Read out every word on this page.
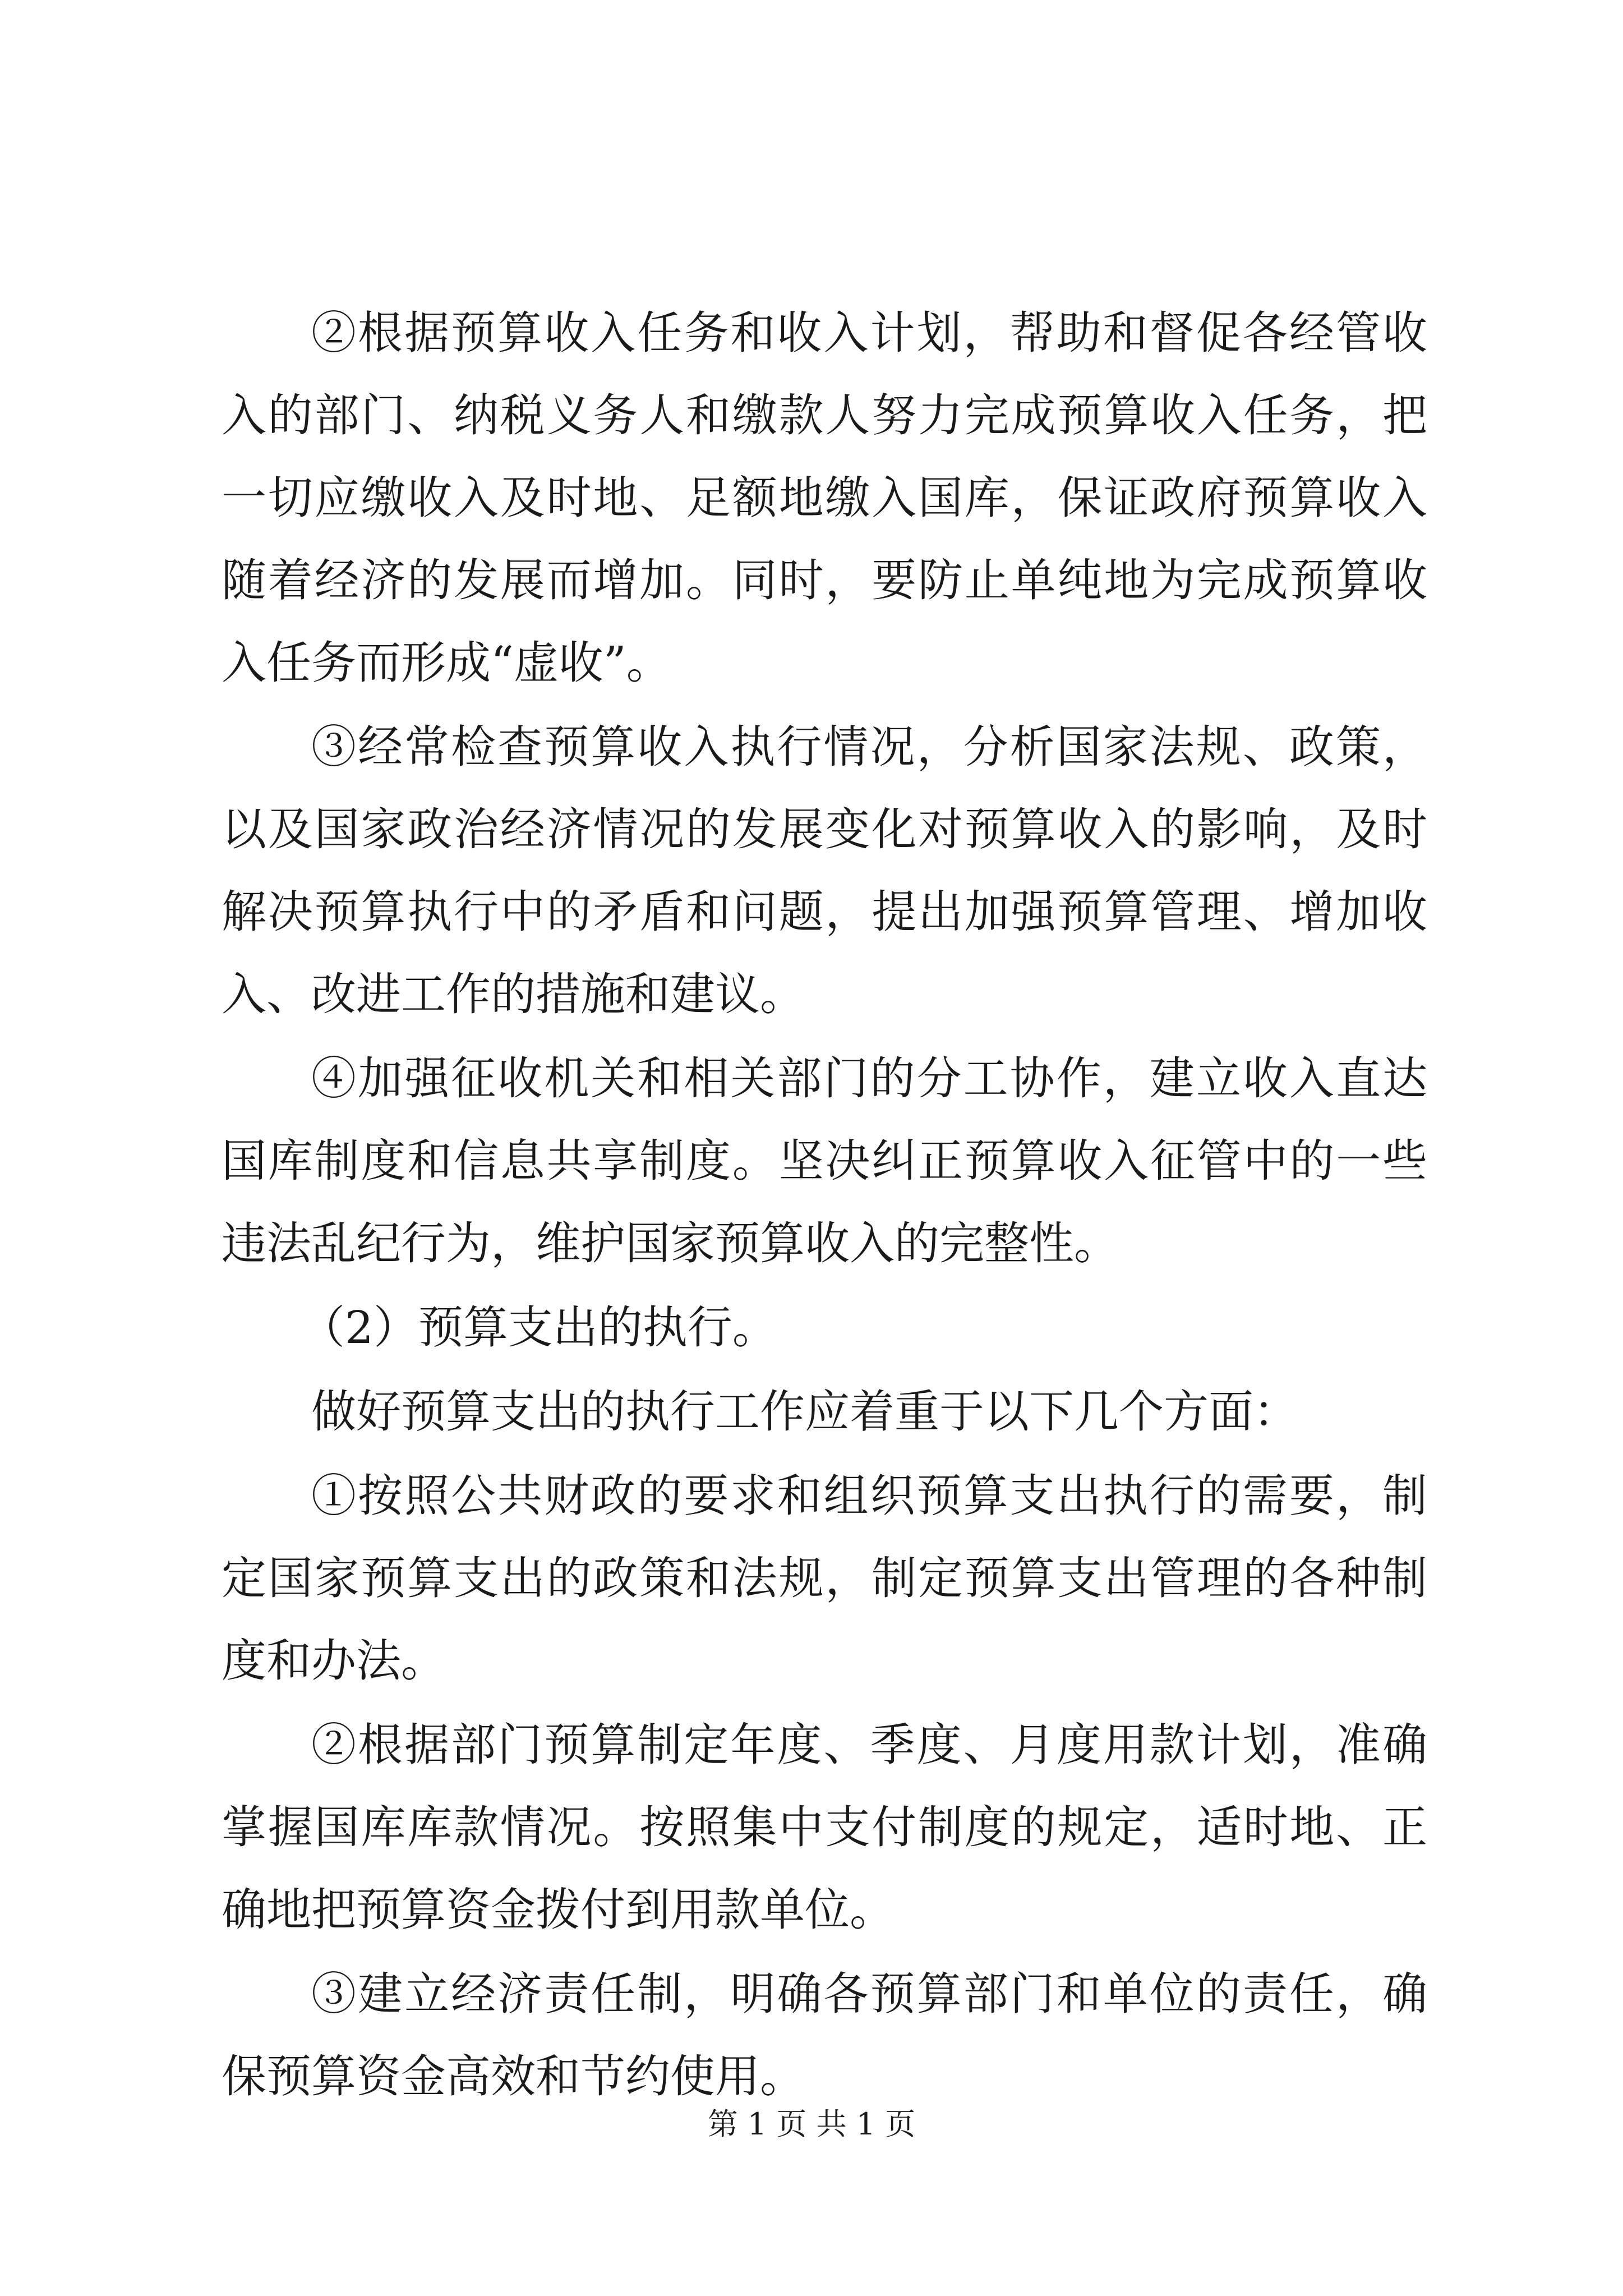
②根据预算收入任务和收入计划，帮助和督促各经管收入的部门、纳税义务人和缴款人努力完成预算收入任务，把一切应缴收入及时地、足额地缴入国库，保证政府预算收入随着经济的发展而增加。同时，要防止单纯地为完成预算收入任务而形成“虚收”。

③经常检查预算收入执行情况，分析国家法规、政策，以及国家政治经济情况的发展变化对预算收入的影响，及时解决预算执行中的矛盾和问题，提出加强预算管理、增加收入、改进工作的措施和建议。

④加强征收机关和相关部门的分工协作，建立收入直达国库制度和信息共享制度。坚决纠正预算收入征管中的一些违法乱纪行为，维护国家预算收入的完整性。

（2）预算支出的执行。

做好预算支出的执行工作应着重于以下几个方面：

①按照公共财政的要求和组织预算支出执行的需要，制定国家预算支出的政策和法规，制定预算支出管理的各种制度和办法。

②根据部门预算制定年度、季度、月度用款计划，准确掌握国库库款情况。按照集中支付制度的规定，适时地、正确地把预算资金拨付到用款单位。

③建立经济责任制，明确各预算部门和单位的责任，确保预算资金高效和节约使用。

第 1 页 共 1 页
